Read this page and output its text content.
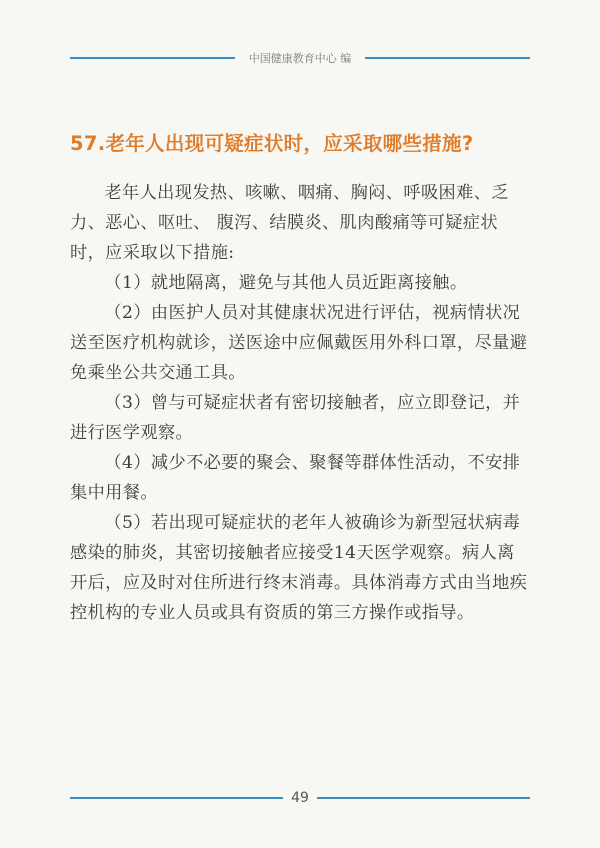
中国健康教育中心 编
57.老年人出现可疑症状时，应采取哪些措施?

老年人出现发热、咳嗽、咽痛、胸闷、呼吸困难、乏力、恶心、呕吐、 腹泻、结膜炎、肌肉酸痛等可疑症状时，应采取以下措施:

（1）就地隔离，避免与其他人员近距离接触。

（2）由医护人员对其健康状况进行评估，视病情状况送至医疗机构就诊，送医途中应佩戴医用外科口罩，尽量避免乘坐公共交通工具。

（3）曾与可疑症状者有密切接触者，应立即登记，并进行医学观察。

（4）减少不必要的聚会、聚餐等群体性活动，不安排集中用餐。

（5）若出现可疑症状的老年人被确诊为新型冠状病毒感染的肺炎，其密切接触者应接受14天医学观察。病人离开后，应及时对住所进行终末消毒。具体消毒方式由当地疾控机构的专业人员或具有资质的第三方操作或指导。

49
